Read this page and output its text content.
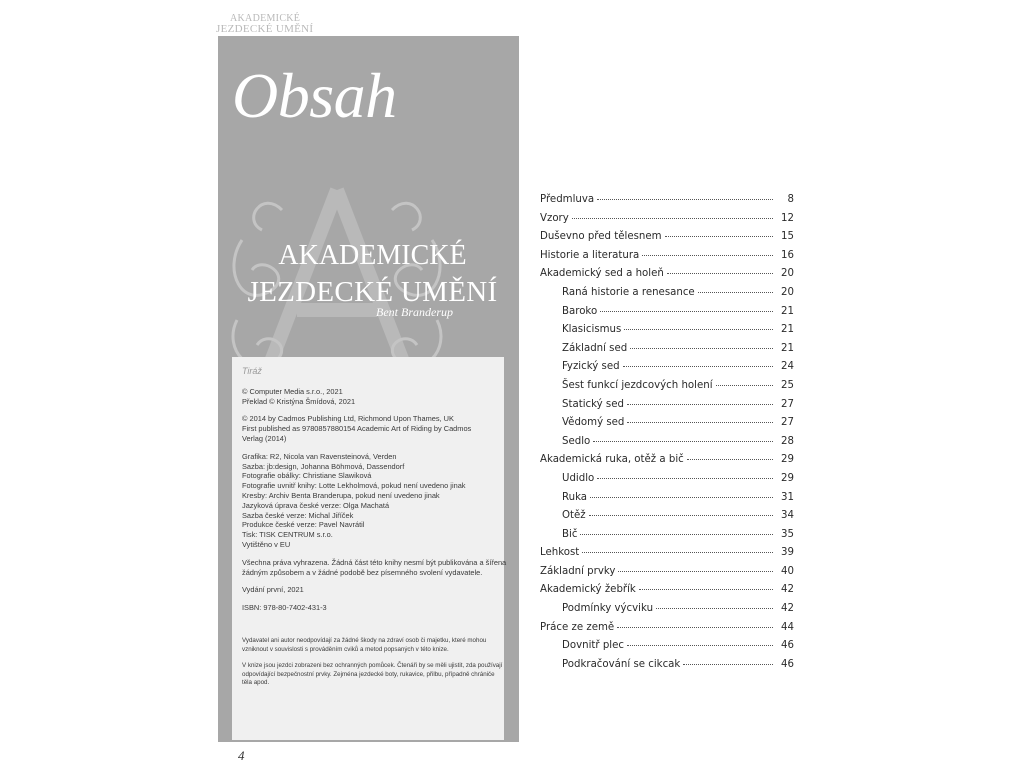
AKADEMICKÉ
JEZDECKÉ UMĚNÍ
Obsah
AKADEMICKÉ
JEZDECKÉ UMĚNÍ
Bent Branderup
Tiráž
© Computer Media s.r.o., 2021
Překlad © Kristýna Šmídová, 2021
© 2014 by Cadmos Publishing Ltd, Richmond Upon Thames, UK
First published as 9780857880154 Academic Art of Riding by Cadmos
Verlag (2014)
Grafika: R2, Nicola van Ravensteinová, Verden
Sazba: jb:design, Johanna Böhmová, Dassendorf
Fotografie obálky: Christiane Slawiková
Fotografie uvnitř knihy: Lotte Lekholmová, pokud není uvedeno jinak
Kresby: Archiv Benta Branderupa, pokud není uvedeno jinak
Jazyková úprava české verze: Olga Machatá
Sazba české verze: Michal Jiříček
Produkce české verze: Pavel Navrátil
Tisk: TISK CENTRUM s.r.o.
Vytištěno v EU
Všechna práva vyhrazena. Žádná část této knihy nesmí být publikována a šířena
žádným způsobem a v žádné podobě bez písemného svolení vydavatele.
Vydání první, 2021
ISBN: 978-80-7402-431-3
Vydavatel ani autor neodpovídají za žádné škody na zdraví osob či majetku, které mohou
vzniknout v souvislosti s prováděním cviků a metod popsaných v této knize.
V knize jsou jezdci zobrazeni bez ochranných pomůcek. Čtenáři by se měli ujistit, zda používají
odpovídající bezpečnostní prvky. Zejména jezdecké boty, rukavice, přilbu, případně chrániče
těla apod.
4
Předmluva	8
Vzory	12
Duševno před tělesnem	15
Historie a literatura	16
Akademický sed a holeň	20
Raná historie a renesance	20
Baroko	21
Klasicismus	21
Základní sed	21
Fyzický sed	24
Šest funkcí jezdcových holení	25
Statický sed	27
Vědomý sed	27
Sedlo	28
Akademická ruka, otěž a bič	29
Udidlo	29
Ruka	31
Otěž	34
Bič	35
Lehkost	39
Základní prvky	40
Akademický žebřík	42
Podmínky výcviku	42
Práce ze země	44
Dovnitř plec	46
Podkračování se cikcak	46
